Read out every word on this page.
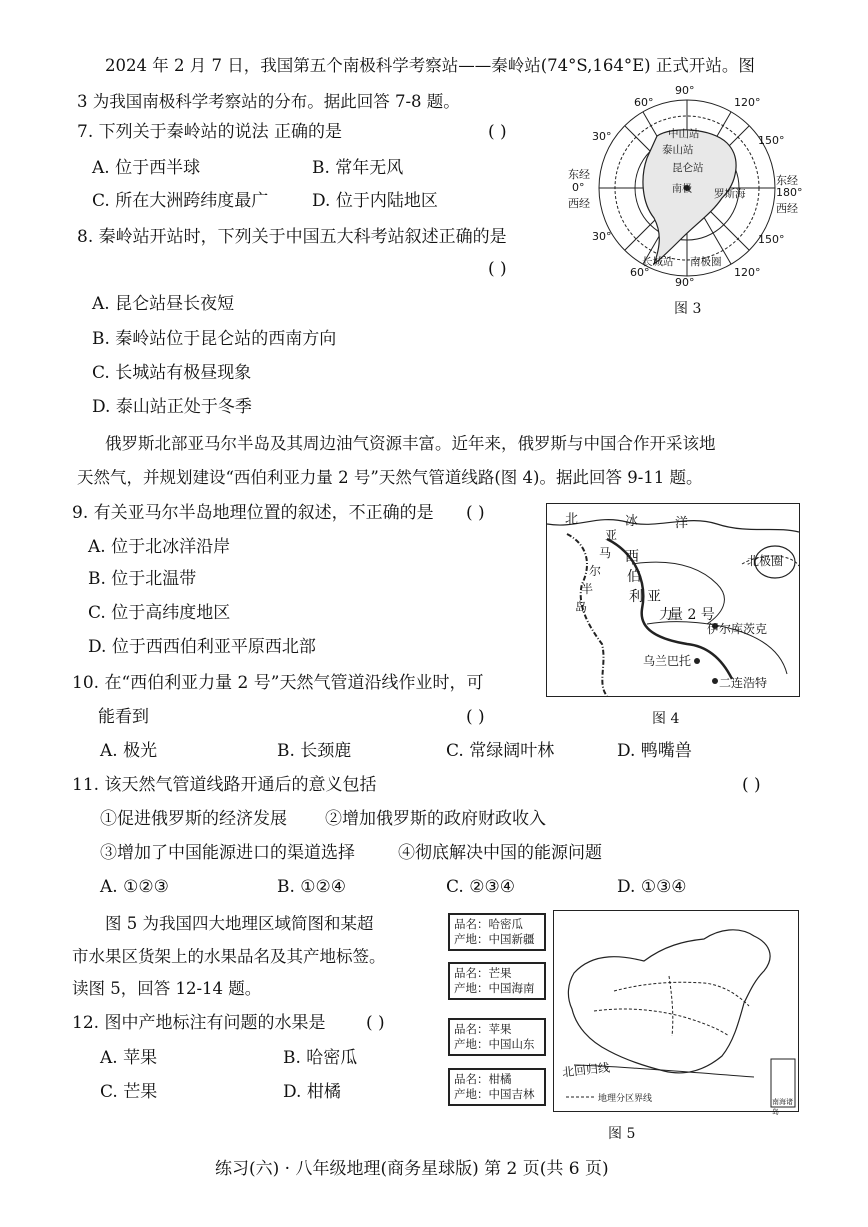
2024 年 2 月 7 日，我国第五个南极科学考察站——秦岭站(74°S,164°E) 正式开站。图
3 为我国南极科学考察站的分布。据此回答 7-8 题。
7. 下列关于秦岭站的说法 正确的是	( )
A. 位于西半球	B. 常年无风
C. 所在大洲跨纬度最广	D. 位于内陆地区
8. 秦岭站开站时，下列关于中国五大科考站叙述正确的是
( )
A. 昆仑站昼长夜短
B. 秦岭站位于昆仑站的西南方向
C. 长城站有极昼现象
D. 泰山站正处于冬季
90°
60°	120°
30°	150°
东经
0°
西经
东经
180°
西经
30°	150°
60°
90°
120°
中山站
泰山站
昆仑站
南极 罗斯海
长城站 南极圈
图 3
俄罗斯北部亚马尔半岛及其周边油气资源丰富。近年来，俄罗斯与中国合作开采该地
天然气，并规划建设“西伯利亚力量 2 号”天然气管道线路(图 4)。据此回答 9-11 题。
9. 有关亚马尔半岛地理位置的叙述，不正确的是 ( )
A. 位于北冰洋沿岸
B. 位于北温带
C. 位于高纬度地区
D. 位于西西伯利亚平原西北部
北	冰	洋
亚
马
尔
半
岛
西
伯
利 亚
力
量 2 号
北极圈
伊尔库茨克
乌兰巴托
二连浩特
图 4
10. 在“西伯利亚力量 2 号”天然气管道沿线作业时，可
能看到	( )
A. 极光	B. 长颈鹿	C. 常绿阔叶林	D. 鸭嘴兽
11. 该天然气管道线路开通后的意义包括	( )
①促进俄罗斯的经济发展 ②增加俄罗斯的政府财政收入
③增加了中国能源进口的渠道选择	④彻底解决中国的能源问题
A. ①②③	B. ①②④	C. ②③④	D. ①③④
图 5 为我国四大地理区域简图和某超
市水果区货架上的水果品名及其产地标签。
读图 5，回答 12-14 题。
12. 图中产地标注有问题的水果是 ( )
A. 苹果	B. 哈密瓜
C. 芒果	D. 柑橘
品名：哈密瓜
产地：中国新疆
品名：芒果
产地：中国海南
品名：苹果
产地：中国山东
品名：柑橘
产地：中国吉林
北回归线
地理分区界线	南海诸岛
图 5
练习(六) · 八年级地理(商务星球版) 第 2 页(共 6 页)
